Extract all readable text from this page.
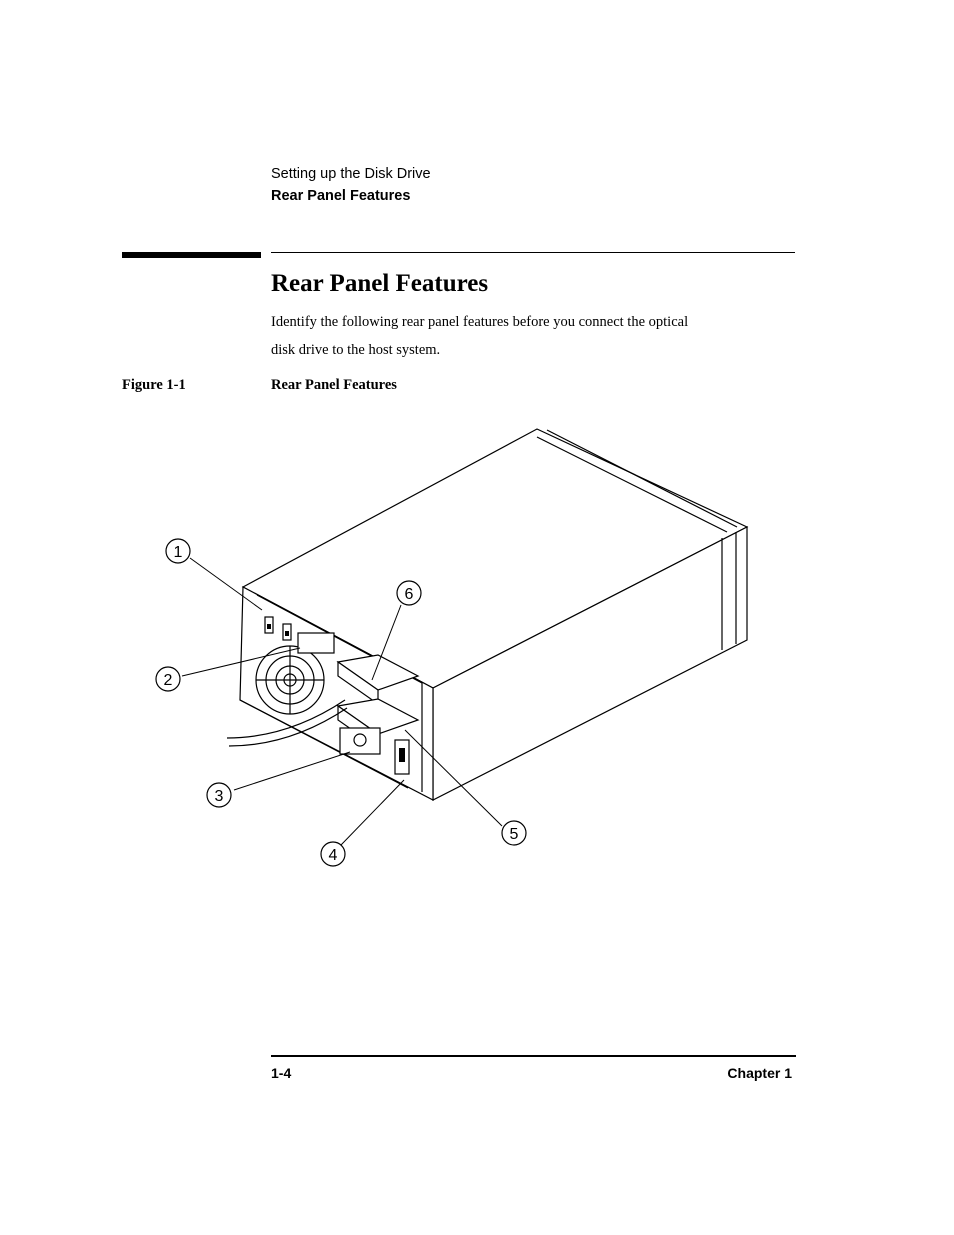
Setting up the Disk Drive
Rear Panel Features
Rear Panel Features
Identify the following rear panel features before you connect the optical disk drive to the host system.
Figure 1-1	Rear Panel Features
1
2
3
4
5
6
1-4	Chapter 1
